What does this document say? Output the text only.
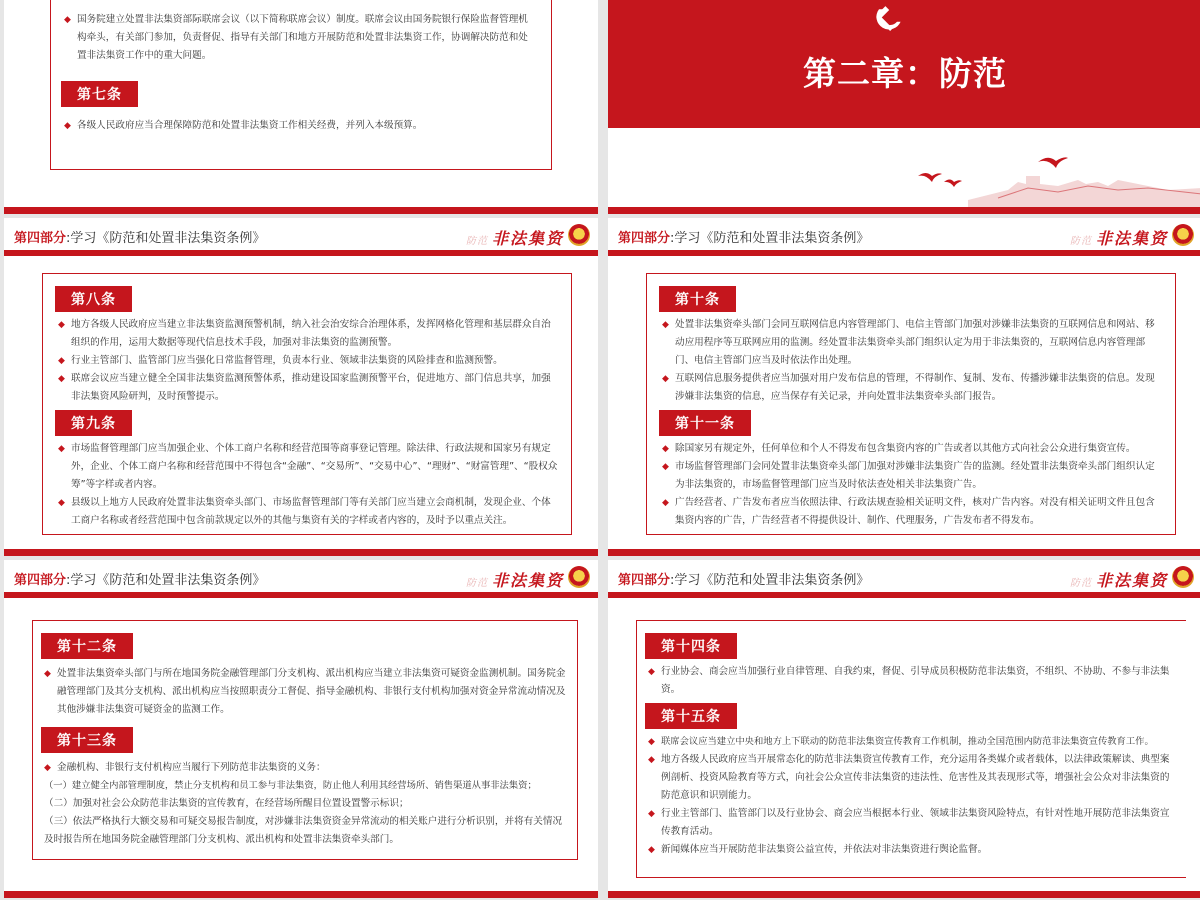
◆ 国务院建立处置非法集资部际联席会议（以下简称联席会议）制度。联席会议由国务院银行保险监督管理机构牵头，有关部门参加，负责督促、指导有关部门和地方开展防范和处置非法集资工作，协调解决防范和处置非法集资工作中的重大问题。
第七条
◆ 各级人民政府应当合理保障防范和处置非法集资工作相关经费，并列入本级预算。
第二章：防范
第四部分:学习《防范和处置非法集资条例》	防范 非法集资
第八条
◆ 地方各级人民政府应当建立非法集资监测预警机制，纳入社会治安综合治理体系，发挥网格化管理和基层群众自治组织的作用，运用大数据等现代信息技术手段，加强对非法集资的监测预警。
◆ 行业主管部门、监管部门应当强化日常监督管理，负责本行业、领域非法集资的风险排查和监测预警。
◆ 联席会议应当建立健全全国非法集资监测预警体系，推动建设国家监测预警平台，促进地方、部门信息共享，加强非法集资风险研判，及时预警提示。
第九条
◆ 市场监督管理部门应当加强企业、个体工商户名称和经营范围等商事登记管理。除法律、行政法规和国家另有规定外，企业、个体工商户名称和经营范围中不得包含“金融”、“交易所”、“交易中心”、“理财”、“财富管理”、“股权众筹”等字样或者内容。
◆ 县级以上地方人民政府处置非法集资牵头部门、市场监督管理部门等有关部门应当建立会商机制，发现企业、个体工商户名称或者经营范围中包含前款规定以外的其他与集资有关的字样或者内容的，及时予以重点关注。
第四部分:学习《防范和处置非法集资条例》	防范 非法集资
第十条
◆ 处置非法集资牵头部门会同互联网信息内容管理部门、电信主管部门加强对涉嫌非法集资的互联网信息和网站、移动应用程序等互联网应用的监测。经处置非法集资牵头部门组织认定为用于非法集资的，互联网信息内容管理部门、电信主管部门应当及时依法作出处理。
◆ 互联网信息服务提供者应当加强对用户发布信息的管理，不得制作、复制、发布、传播涉嫌非法集资的信息。发现涉嫌非法集资的信息，应当保存有关记录，并向处置非法集资牵头部门报告。
第十一条
◆ 除国家另有规定外，任何单位和个人不得发布包含集资内容的广告或者以其他方式向社会公众进行集资宣传。
◆ 市场监督管理部门会同处置非法集资牵头部门加强对涉嫌非法集资广告的监测。经处置非法集资牵头部门组织认定为非法集资的，市场监督管理部门应当及时依法查处相关非法集资广告。
◆ 广告经营者、广告发布者应当依照法律、行政法规查验相关证明文件，核对广告内容。对没有相关证明文件且包含集资内容的广告，广告经营者不得提供设计、制作、代理服务，广告发布者不得发布。
第四部分:学习《防范和处置非法集资条例》	防范 非法集资
第十二条
◆ 处置非法集资牵头部门与所在地国务院金融管理部门分支机构、派出机构应当建立非法集资可疑资金监测机制。国务院金融管理部门及其分支机构、派出机构应当按照职责分工督促、指导金融机构、非银行支付机构加强对资金异常流动情况及其他涉嫌非法集资可疑资金的监测工作。
第十三条
◆ 金融机构、非银行支付机构应当履行下列防范非法集资的义务：
（一）建立健全内部管理制度，禁止分支机构和员工参与非法集资，防止他人利用其经营场所、销售渠道从事非法集资；
（二）加强对社会公众防范非法集资的宣传教育，在经营场所醒目位置设置警示标识；
（三）依法严格执行大额交易和可疑交易报告制度，对涉嫌非法集资资金异常流动的相关账户进行分析识别，并将有关情况及时报告所在地国务院金融管理部门分支机构、派出机构和处置非法集资牵头部门。
第四部分:学习《防范和处置非法集资条例》	防范 非法集资
第十四条
◆ 行业协会、商会应当加强行业自律管理、自我约束，督促、引导成员积极防范非法集资，不组织、不协助、不参与非法集资。
第十五条
◆ 联席会议应当建立中央和地方上下联动的防范非法集资宣传教育工作机制，推动全国范围内防范非法集资宣传教育工作。
◆ 地方各级人民政府应当开展常态化的防范非法集资宣传教育工作，充分运用各类媒介或者载体，以法律政策解读、典型案例剖析、投资风险教育等方式，向社会公众宣传非法集资的违法性、危害性及其表现形式等，增强社会公众对非法集资的防范意识和识别能力。
◆ 行业主管部门、监管部门以及行业协会、商会应当根据本行业、领域非法集资风险特点，有针对性地开展防范非法集资宣传教育活动。
◆ 新闻媒体应当开展防范非法集资公益宣传，并依法对非法集资进行舆论监督。
